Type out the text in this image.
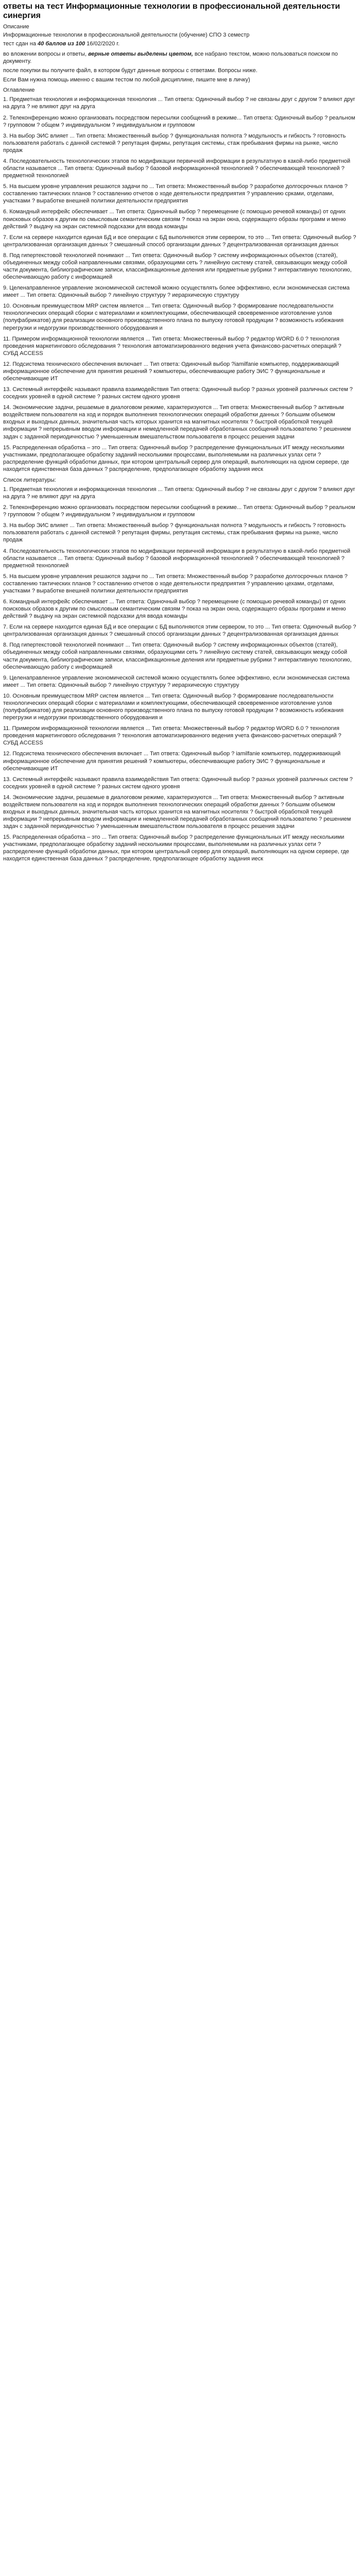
ответы на тест Информационные технологии в профессиональной деятельности синергия
Описание
Информационные технологии в профессиональной деятельности (обучение) СПО 3 семестр
тест сдан на 40 баллов из 100 16/02/2020 г.

во вложении вопросы и ответы, верные ответы выделены цветом, все набрано текстом, можно пользоваться поиском по документу.

после покупки вы получите файл, в котором будут даннные вопросы с ответами. Вопросы ниже.

Если Вам нужна помощь именно с вашим тестом по любой дисциплине, пишите мне в личку)

Оглавление
1. Предметная технология и информационная технология ... Тип ответа: Одиночный выбор ? не связаны друг с другом ? влияют друг на друга ? не влияют друг на друга
2. Телеконференцию можно организовать посредством пересылки сообщений в режиме... Тип ответа: Одиночный выбор ? реальном ? групповом ? общем ? индивидуальном ? индивидуальном и групповом
3. На выбор ЭИС влияет ... Тип ответа: Множественный выбор ? функциональная полнота ? модульность и гибкость ? готовность пользователя работать с данной системой ? репутация фирмы, репутация системы, стаж пребывания фирмы на рынке, число продаж
4. Последовательность технологических этапов по модификации первичной информации в результатную в какой-либо предметной области называется ... Тип ответа: Одиночный выбор ? базовой информационной технологией ? обеспечивающей технологией ? предметной технологией
5. На высшем уровне управления решаются задачи по ... Тип ответа: Множественный выбор ? разработке долгосрочных планов ? составлению тактических планов ? составлению отчетов о ходе деятельности предприятия ? управлению срками, отделами, участками ? выработке внешней политики деятельности предприятия
6. Командный интерфейс обеспечивает ... Тип ответа: Одиночный выбор ? перемещение (с помощью речевой команды) от одних поисковых образов к другим по смысловым семантическим связям ? показ на экран окна, содержащего образы программ и меню действий ? выдачу на экран системной подсказки для ввода команды
7. Если на сервере находится единая БД и все операции с БД выполняются этим сервером, то это ... Тип ответа: Одиночный выбор ? централизованная организация данных ? смешанный способ организации данных ? децентрализованная организация данных
8. Под гипертекстовой технологией понимают ... Тип ответа: Одиночный выбор ? систему информационных объектов (статей), объединенных между собой направленными связями, образующими сеть ? линейную систему статей, связывающих между собой части документа, библиографические записи, классификационные деления или предметные рубрики ? интерактивную технологию, обеспечивающую работу с информацией
9. Целенаправленное управление экономической системой можно осуществлять более эффективно, если экономическая система имеет ... Тип ответа: Одиночный выбор ? линейную структуру ? иерархическую структуру
10. Основным преимуществом MRP систем является ... Тип ответа: Одиночный выбор ? формирование последовательности технологических операций сборки с материалами и комплектующими, обеспечивающей своевременное изготовление узлов (полуфабрикатов) для реализации основного производственного плана по выпуску готовой продукции ? возможность избежания перегрузки и недогрузки производственного оборудования и
11. Примером информационной технологии является ... Тип ответа: Множественный выбор ? редактор WORD 6.0 ? технология проведения маркетингового обследования ? технология автоматизированного ведения учета финансово-расчетных операций ? СУБД ACCESS
12. Подсистема технического обеспечения включает ... Тип ответа: Одиночный выбор ?iamilfanie компьютер, поддерживающий информационное обеспечение для принятия решений ? компьютеры, обеспечивающие работу ЭИС ? функциональные и обеспечивающие ИТ
13. Системный интерфейс называют правила взаимодействия Тип ответа: Одиночный выбор ? разных уровней различных систем ? соседних уровней в одной системе ? разных систем одного уровня
14. Экономические задачи, решаемые в диалоговом режиме, характеризуются ... Тип ответа: Множественный выбор ? активным воздействием пользователя на ход и порядок выполнения технологических операций обработки данных ? большим объемом входных и выходных данных, значительная часть которых хранится на магнитных носителях ? быстрой обработкой текущей информации ? непрерывным вводом информации и немедленной передачей обработанных сообщений пользователю ? решением задач с заданной периодичностью ? уменьшенным вмешательством пользователя в процесс решения задачи
15. Распределенная обработка – это ... Тип ответа: Одиночный выбор ? распределение функциональных ИТ между несколькими участниками, предполагающее обработку заданий несколькими процессами, выполняемыми на различных узлах сети ? распределение функций обработки данных, при котором центральный сервер для операций, выполняющих на одном сервере, где находится единственная база данных ? распределение, предполагающее обработку задания иеск
Список литературы:
1. Предметная технология и информационная технология ... Тип ответа: Одиночный выбор ? не связаны друг с другом ? влияют друг на друга ? не влияют друг на друга
2. Телеконференцию можно организовать посредством пересылки сообщений в режиме... Тип ответа: Одиночный выбор ? реальном ? групповом ? общем ? индивидуальном ? индивидуальном и групповом
3. На выбор ЭИС влияет ... Тип ответа: Множественный выбор ? функциональная полнота ? модульность и гибкость ? готовность пользователя работать с данной системой ? репутация фирмы, репутация системы, стаж пребывания фирмы на рынке, число продаж
4. Последовательность технологических этапов по модификации первичной информации в результатную в какой-либо предметной области называется ... Тип ответа: Одиночный выбор ? базовой информационной технологией ? обеспечивающей технологией ? предметной технологией
5. На высшем уровне управления решаются задачи по ... Тип ответа: Множественный выбор ? разработке долгосрочных планов ? составлению тактических планов ? составлению отчетов о ходе деятельности предприятия ? управлению цехами, отделами, участками ? выработке внешней политики деятельности предприятия
6. Командный интерфейс обеспечивает ... Тип ответа: Одиночный выбор ? перемещение (с помощью речевой команды) от одних поисковых образов к другим по смысловым семантическим связям ? показ на экран окна, содержащего образы программ и меню действий ? выдачу на экран системной подсказки для ввода команды
7. Если на сервере находится единая БД и все операции с БД выполняются этим сервером, то это ... Тип ответа: Одиночный выбор ? централизованная организация данных ? смешанный способ организации данных ? децентрализованная организация данных
8. Под гипертекстовой технологией понимают ... Тип ответа: Одиночный выбор ? систему информационных объектов (статей), объединенных между собой направленными связями, образующими сеть ? линейную систему статей, связывающих между собой части документа, библиографические записи, классификационные деления или предметные рубрики ? интерактивную технологию, обеспечивающую работу с информацией
9. Целенаправленное управление экономической системой можно осуществлять более эффективно, если экономическая система имеет ... Тип ответа: Одиночный выбор ? линейную структуру ? иерархическую структуру
10. Основным преимуществом MRP систем является ... Тип ответа: Одиночный выбор ? формирование последовательности технологических операций сборки с материалами и комплектующими, обеспечивающей своевременное изготовление узлов (полуфабрикатов) для реализации основного производственного плана по выпуску готовой продукции ? возможность избежания перегрузки и недогрузки производственного оборудования и
11. Примером информационной технологии является ... Тип ответа: Множественный выбор ? редактор WORD 6.0 ? технология проведения маркетингового обследования ? технология автоматизированного ведения учета финансово-расчетных операций ? СУБД ACCESS
12. Подсистема технического обеспечения включает ... Тип ответа: Одиночный выбор ? iamilfanie компьютер, поддерживающий информационное обеспечение для принятия решений ? компьютеры, обеспечивающие работу ЭИС ? функциональные и обеспечивающие ИТ
13. Системный интерфейс называют правила взаимодействия Тип ответа: Одиночный выбор ? разных уровней различных систем ? соседних уровней в одной системе ? разных систем одного уровня
14. Экономические задачи, решаемые в диалоговом режиме, характеризуются ... Тип ответа: Множественный выбор ? активным воздействием пользователя на ход и порядок выполнения технологических операций обработки данных ? большим объемом входных и выходных данных, значительная часть которых хранится на магнитных носителях ? быстрой обработкой текущей информации ? непрерывным вводом информации и немедленной передачей обработанных сообщений пользователю ? решением задач с заданной периодичностью ? уменьшенным вмешательством пользователя в процесс решения задачи
15. Распределенная обработка – это ... Тип ответа: Одиночный выбор ? распределение функциональных ИТ между несколькими участниками, предполагающее обработку заданий несколькими процессами, выполняемыми на различных узлах сети ? распределение функций обработки данных, при котором центральный сервер для операций, выполняющих на одном сервере, где находится единственная база данных ? распределение, предполагающее обработку задания иеск
